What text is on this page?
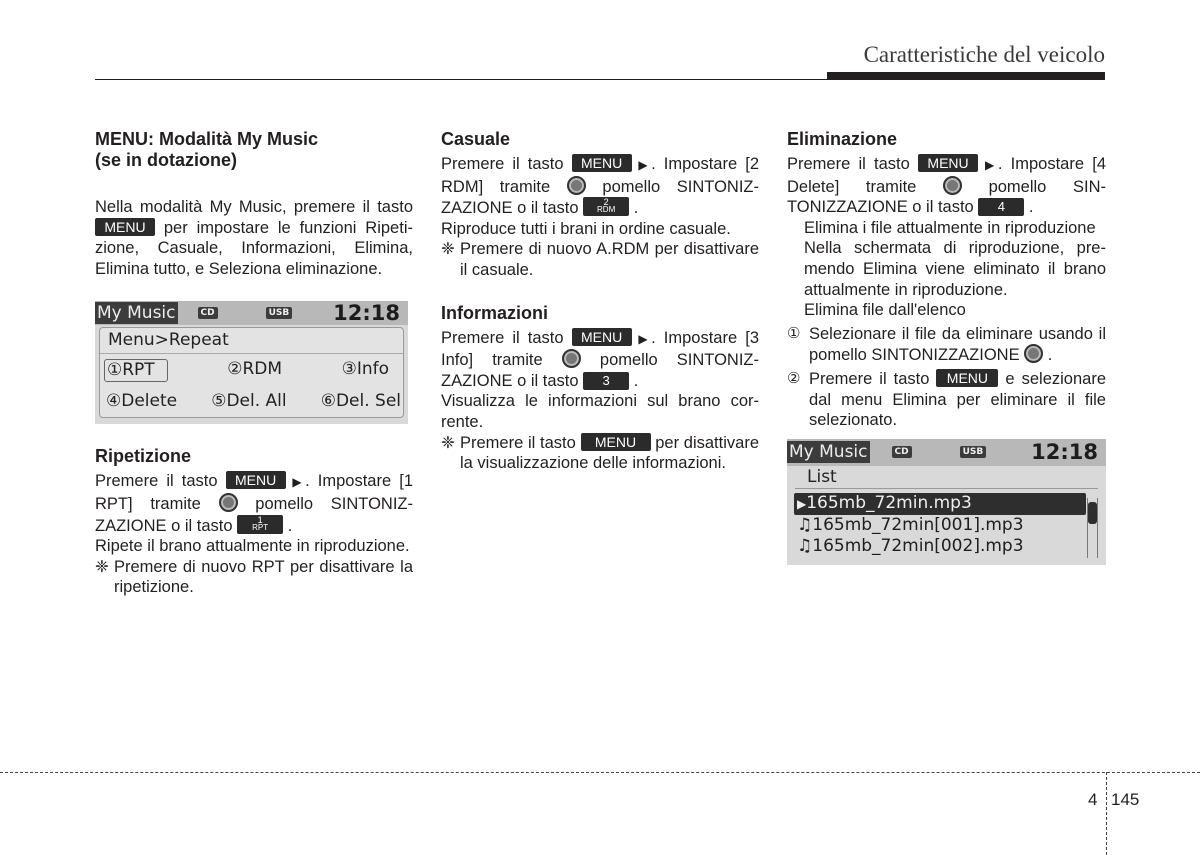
Caratteristiche del veicolo
MENU: Modalità My Music
(se in dotazione)

Nella modalità My Music, premere il tasto MENU per impostare le funzioni Ripetizione, Casuale, Informazioni, Elimina, Elimina tutto, e Seleziona eliminazione.

My Music	CD	USB 12:18
Menu>Repeat
①RPT	②RDM	③Info
④Delete ⑤Del. All ⑥Del. Sel
Ripetizione

Premere il tasto MENU ▶. Impostare [1RPT] tramite	pomello SINTONIZZAZIONE o il tasto	1
RPT .

Ripete il brano attualmente in riproduzione.

❈ Premere di nuovo RPT per disattivare la ripetizione.

Casuale

Premere il tasto MENU ▶. Impostare [2RDM] tramite	pomello SINTONIZZAZIONE o il tasto	2
RDM .

Riproduce tutti i brani in ordine casuale.

❈ Premere di nuovo A.RDM per disattivare il casuale.

Informazioni

Premere il tasto MENU ▶. Impostare [3Info] tramite	pomello SINTONIZZAZIONE o il tasto 3 .

Visualizza le informazioni sul brano corrente.

❈ Premere il tasto MENU per disattivare la visualizzazione delle informazioni.

Eliminazione

Premere il tasto MENU ▶. Impostare [4Delete] tramite	pomello SINTONIZZAZIONE o il tasto 4 .

Elimina i file attualmente in riproduzione

Nella schermata di riproduzione, premendo Elimina viene eliminato il brano attualmente in riproduzione.

Elimina file dall'elenco

① Selezionare il file da eliminare usando il pomello SINTONIZZAZIONE  .

② Premere il tasto MENU e selezionare dal menu Elimina per eliminare il file selezionato.

My Music	CD	USB 12:18
List
▶165mb_72min.mp3
♫165mb_72min[001].mp3
♫165mb_72min[002].mp3
4 145
